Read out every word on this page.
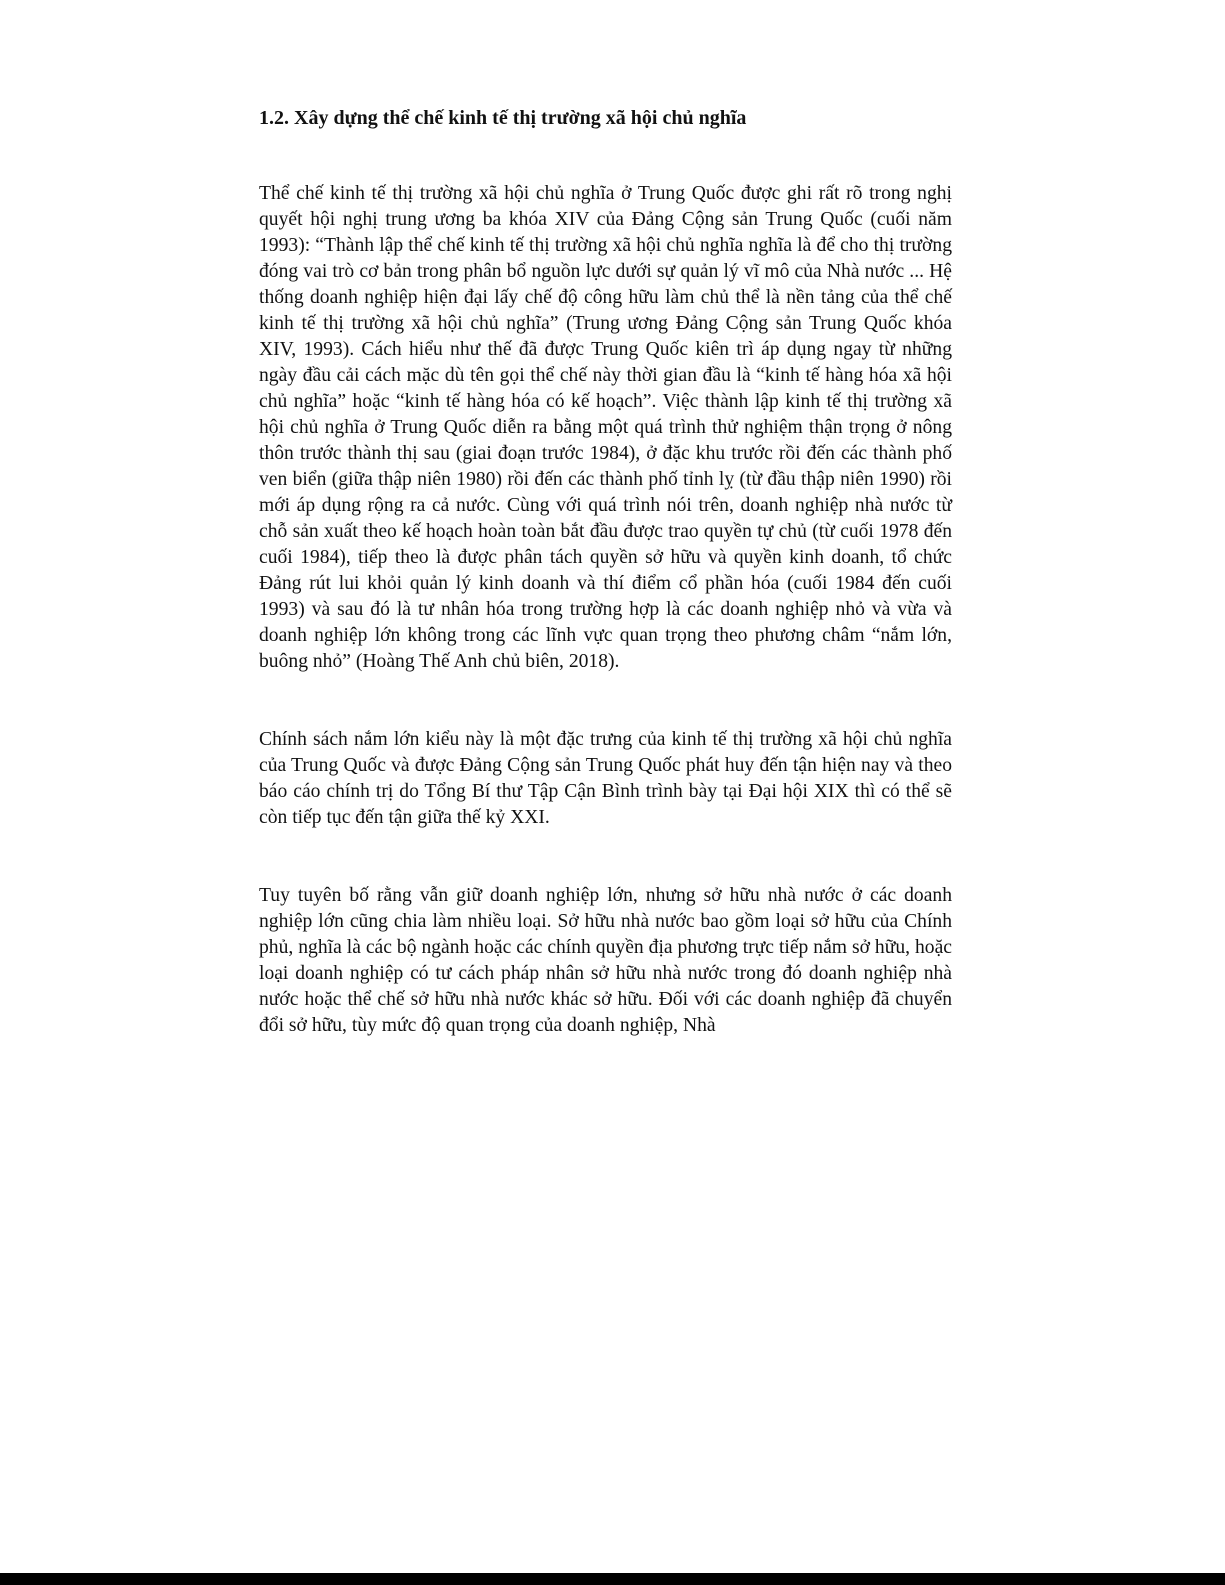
1.2. Xây dựng thể chế kinh tế thị trường xã hội chủ nghĩa

Thể chế kinh tế thị trường xã hội chủ nghĩa ở Trung Quốc được ghi rất rõ trong nghị quyết hội nghị trung ương ba khóa XIV của Đảng Cộng sản Trung Quốc (cuối năm 1993): “Thành lập thể chế kinh tế thị trường xã hội chủ nghĩa nghĩa là để cho thị trường đóng vai trò cơ bản trong phân bổ nguồn lực dưới sự quản lý vĩ mô của Nhà nước ... Hệ thống doanh nghiệp hiện đại lấy chế độ công hữu làm chủ thể là nền tảng của thể chế kinh tế thị trường xã hội chủ nghĩa” (Trung ương Đảng Cộng sản Trung Quốc khóa XIV, 1993). Cách hiểu như thế đã được Trung Quốc kiên trì áp dụng ngay từ những ngày đầu cải cách mặc dù tên gọi thể chế này thời gian đầu là “kinh tế hàng hóa xã hội chủ nghĩa” hoặc “kinh tế hàng hóa có kế hoạch”. Việc thành lập kinh tế thị trường xã hội chủ nghĩa ở Trung Quốc diễn ra bằng một quá trình thử nghiệm thận trọng ở nông thôn trước thành thị sau (giai đoạn trước 1984), ở đặc khu trước rồi đến các thành phố ven biển (giữa thập niên 1980) rồi đến các thành phố tỉnh lỵ (từ đầu thập niên 1990) rồi mới áp dụng rộng ra cả nước. Cùng với quá trình nói trên, doanh nghiệp nhà nước từ chỗ sản xuất theo kế hoạch hoàn toàn bắt đầu được trao quyền tự chủ (từ cuối 1978 đến cuối 1984), tiếp theo là được phân tách quyền sở hữu và quyền kinh doanh, tổ chức Đảng rút lui khỏi quản lý kinh doanh và thí điểm cổ phần hóa (cuối 1984 đến cuối 1993) và sau đó là tư nhân hóa trong trường hợp là các doanh nghiệp nhỏ và vừa và doanh nghiệp lớn không trong các lĩnh vực quan trọng theo phương châm “nắm lớn, buông nhỏ” (Hoàng Thế Anh chủ biên, 2018).

Chính sách nắm lớn kiểu này là một đặc trưng của kinh tế thị trường xã hội chủ nghĩa của Trung Quốc và được Đảng Cộng sản Trung Quốc phát huy đến tận hiện nay và theo báo cáo chính trị do Tổng Bí thư Tập Cận Bình trình bày tại Đại hội XIX thì có thể sẽ còn tiếp tục đến tận giữa thế kỷ XXI.

Tuy tuyên bố rằng vẫn giữ doanh nghiệp lớn, nhưng sở hữu nhà nước ở các doanh nghiệp lớn cũng chia làm nhiều loại. Sở hữu nhà nước bao gồm loại sở hữu của Chính phủ, nghĩa là các bộ ngành hoặc các chính quyền địa phương trực tiếp nắm sở hữu, hoặc loại doanh nghiệp có tư cách pháp nhân sở hữu nhà nước trong đó doanh nghiệp nhà nước hoặc thể chế sở hữu nhà nước khác sở hữu. Đối với các doanh nghiệp đã chuyển đổi sở hữu, tùy mức độ quan trọng của doanh nghiệp, Nhà
